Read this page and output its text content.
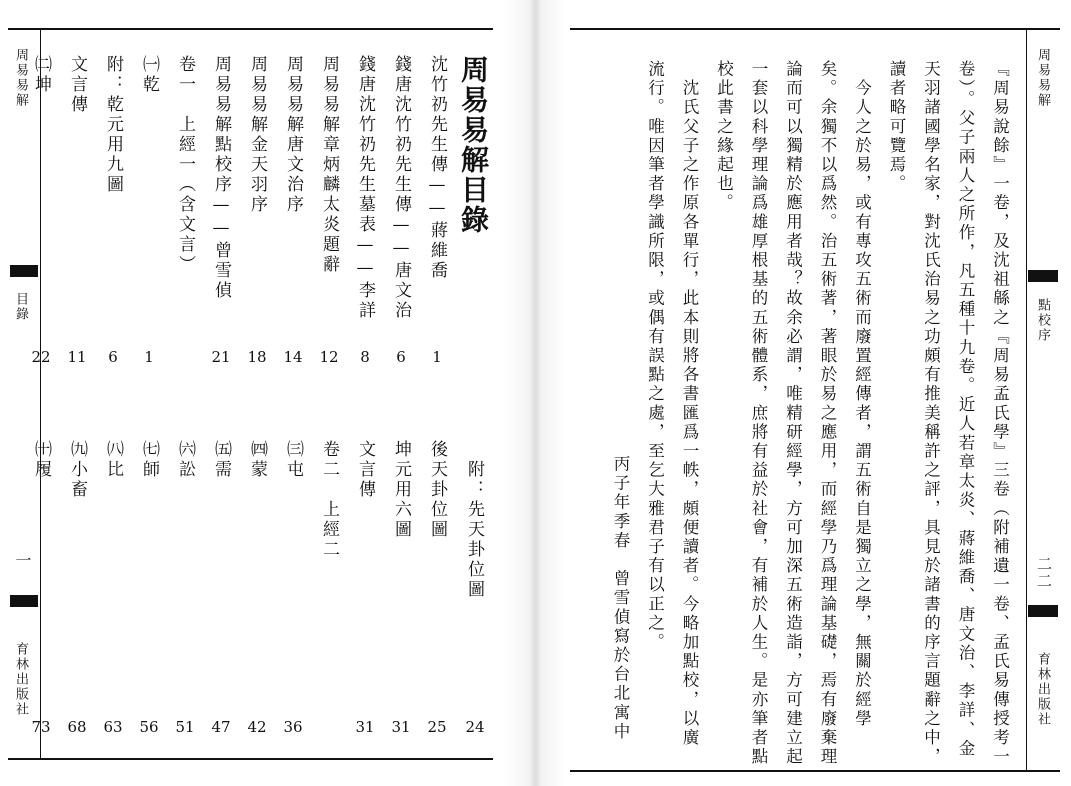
周易易解
目錄
一
育林出版社
周易易解目錄
附：先天卦位圖
24
沈竹礽先生傳——蔣維喬
1
後天卦位圖
25
錢唐沈竹礽先生傳——唐文治
6
坤元用六圖
31
錢唐沈竹礽先生墓表——李詳
8
文言傳
31
周易易解章炳麟太炎題辭
12
卷二　上經二
周易易解唐文治序
14
㈢屯
36
周易易解金天羽序
18
㈣蒙
42
周易易解點校序——曾雪偵
21
㈤需
47
卷一　上經一（含文言）
㈥訟
51
㈠乾
1
㈦師
56
附：乾元用九圖
6
㈧比
63
文言傳
11
㈨小畜
68
㈡坤
22
㈩履
73
周易易解
點校序
二二
育林出版社
『周易說餘』一卷，及沈祖緜之『周易孟氏學』三卷（附補遺一卷、孟氏易傳授考一
卷）。父子兩人之所作，凡五種十九卷。近人若章太炎、蔣維喬、唐文治、李詳、金
天羽諸國學名家，對沈氏治易之功頗有推美稱許之評，具見於諸書的序言題辭之中，
讀者略可覽焉。
　今人之於易，或有專攻五術而廢置經傳者，謂五術自是獨立之學，無關於經學
矣。余獨不以爲然。治五術著，著眼於易之應用，而經學乃爲理論基礎，焉有廢棄理
論而可以獨精於應用者哉？故余必謂，唯精研經學，方可加深五術造詣，方可建立起
一套以科學理論爲雄厚根基的五術體系，庶將有益於社會，有補於人生。是亦筆者點
校此書之緣起也。
　沈氏父子之作原各單行，此本則將各書匯爲一帙，頗便讀者。今略加點校，以廣
流行。唯因筆者學識所限，或偶有誤點之處，至乞大雅君子有以正之。
丙子年季春　曾雪偵寫於台北寓中
